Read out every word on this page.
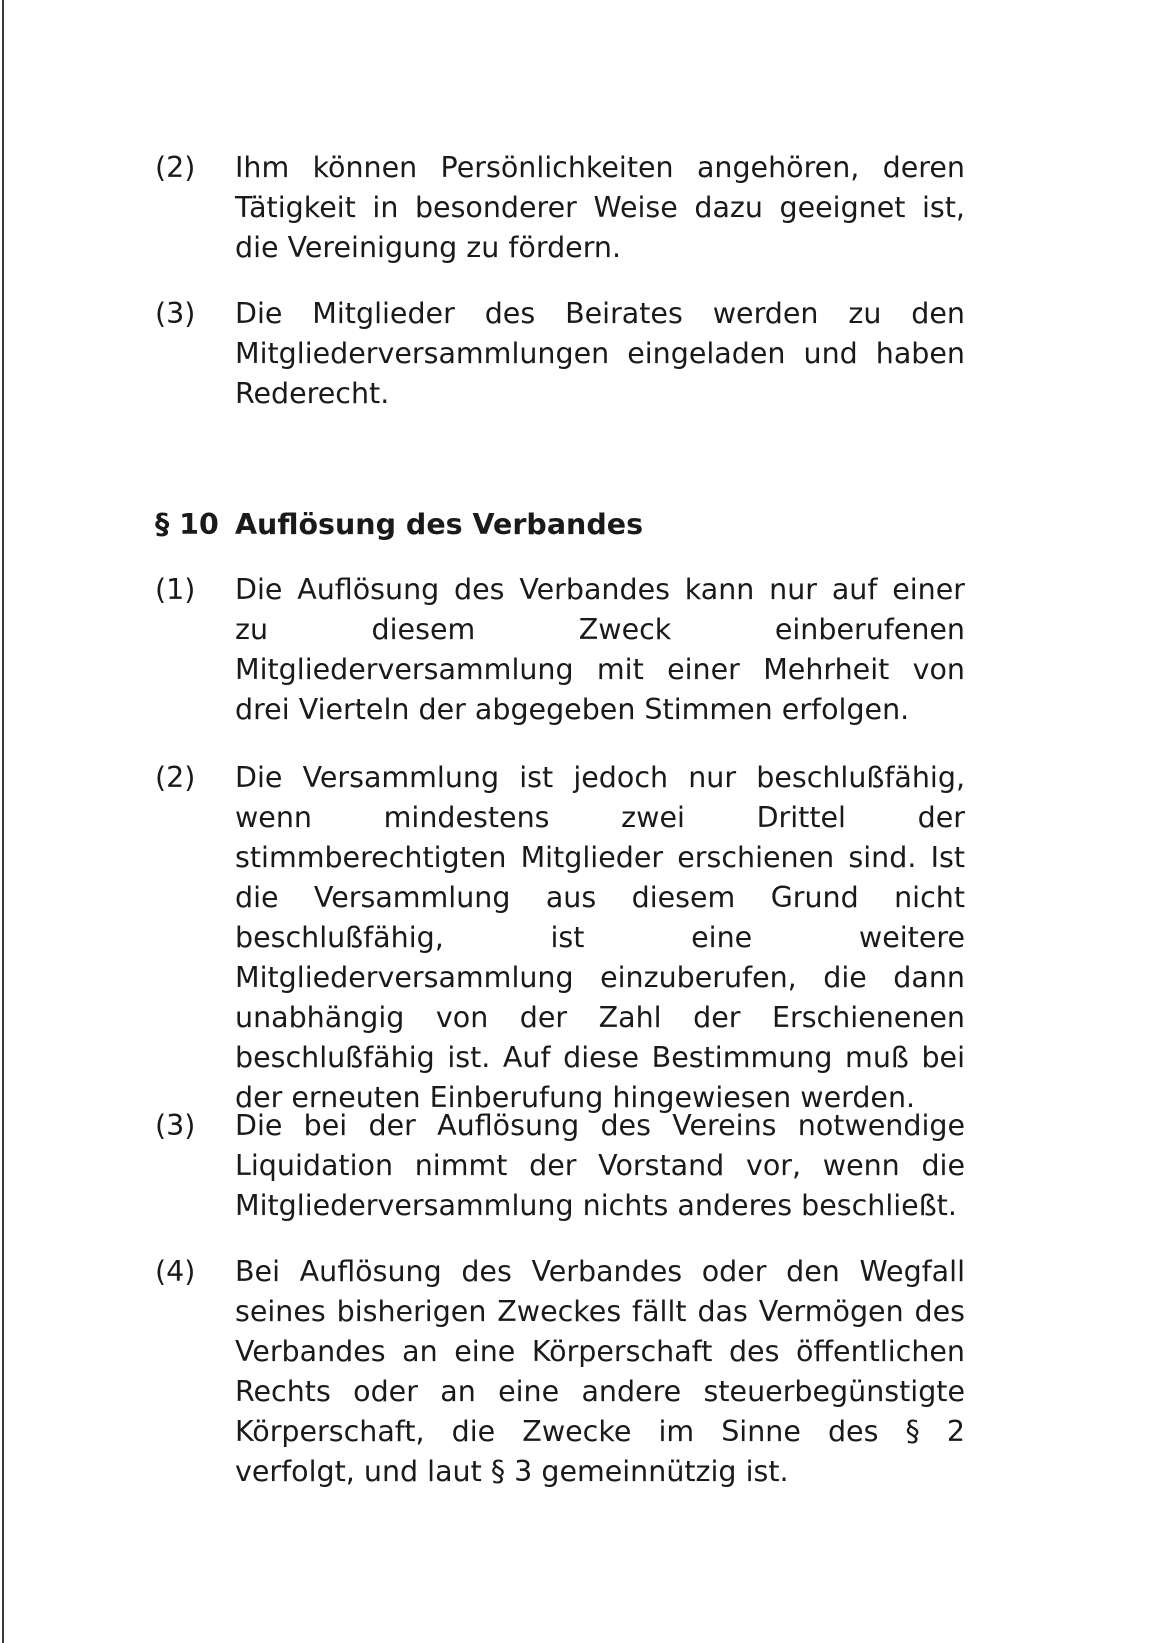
(2)	Ihm können Persönlichkeiten angehören, deren Tätigkeit in besonderer Weise dazu geeignet ist, die Vereinigung zu fördern.
(3)	Die Mitglieder des Beirates werden zu den Mitgliederversammlungen eingeladen und haben Rederecht.
§ 10 Auflösung des Verbandes
(1)	Die Auflösung des Verbandes kann nur auf einer zu diesem Zweck einberufenen Mitgliederversammlung mit einer Mehrheit von drei Vierteln der abgegeben Stimmen erfolgen.
(2)	Die Versammlung ist jedoch nur beschlußfähig, wenn mindestens zwei Drittel der stimmberechtigten Mitglieder erschienen sind. Ist die Versammlung aus diesem Grund nicht beschlußfähig, ist eine weitere Mitgliederversammlung einzuberufen, die dann unabhängig von der Zahl der Erschienenen beschlußfähig ist. Auf diese Bestimmung muß bei der erneuten Einberufung hingewiesen werden.
(3)	Die bei der Auflösung des Vereins notwendige Liquidation nimmt der Vorstand vor, wenn die Mitgliederversammlung nichts anderes beschließt.
(4)	Bei Auflösung des Verbandes oder den Wegfall seines bisherigen Zweckes fällt das Vermögen des Verbandes an eine Körperschaft des öffentlichen Rechts oder an eine andere steuerbegünstigte Körperschaft, die Zwecke im Sinne des § 2 verfolgt, und laut § 3 gemeinnützig ist.
